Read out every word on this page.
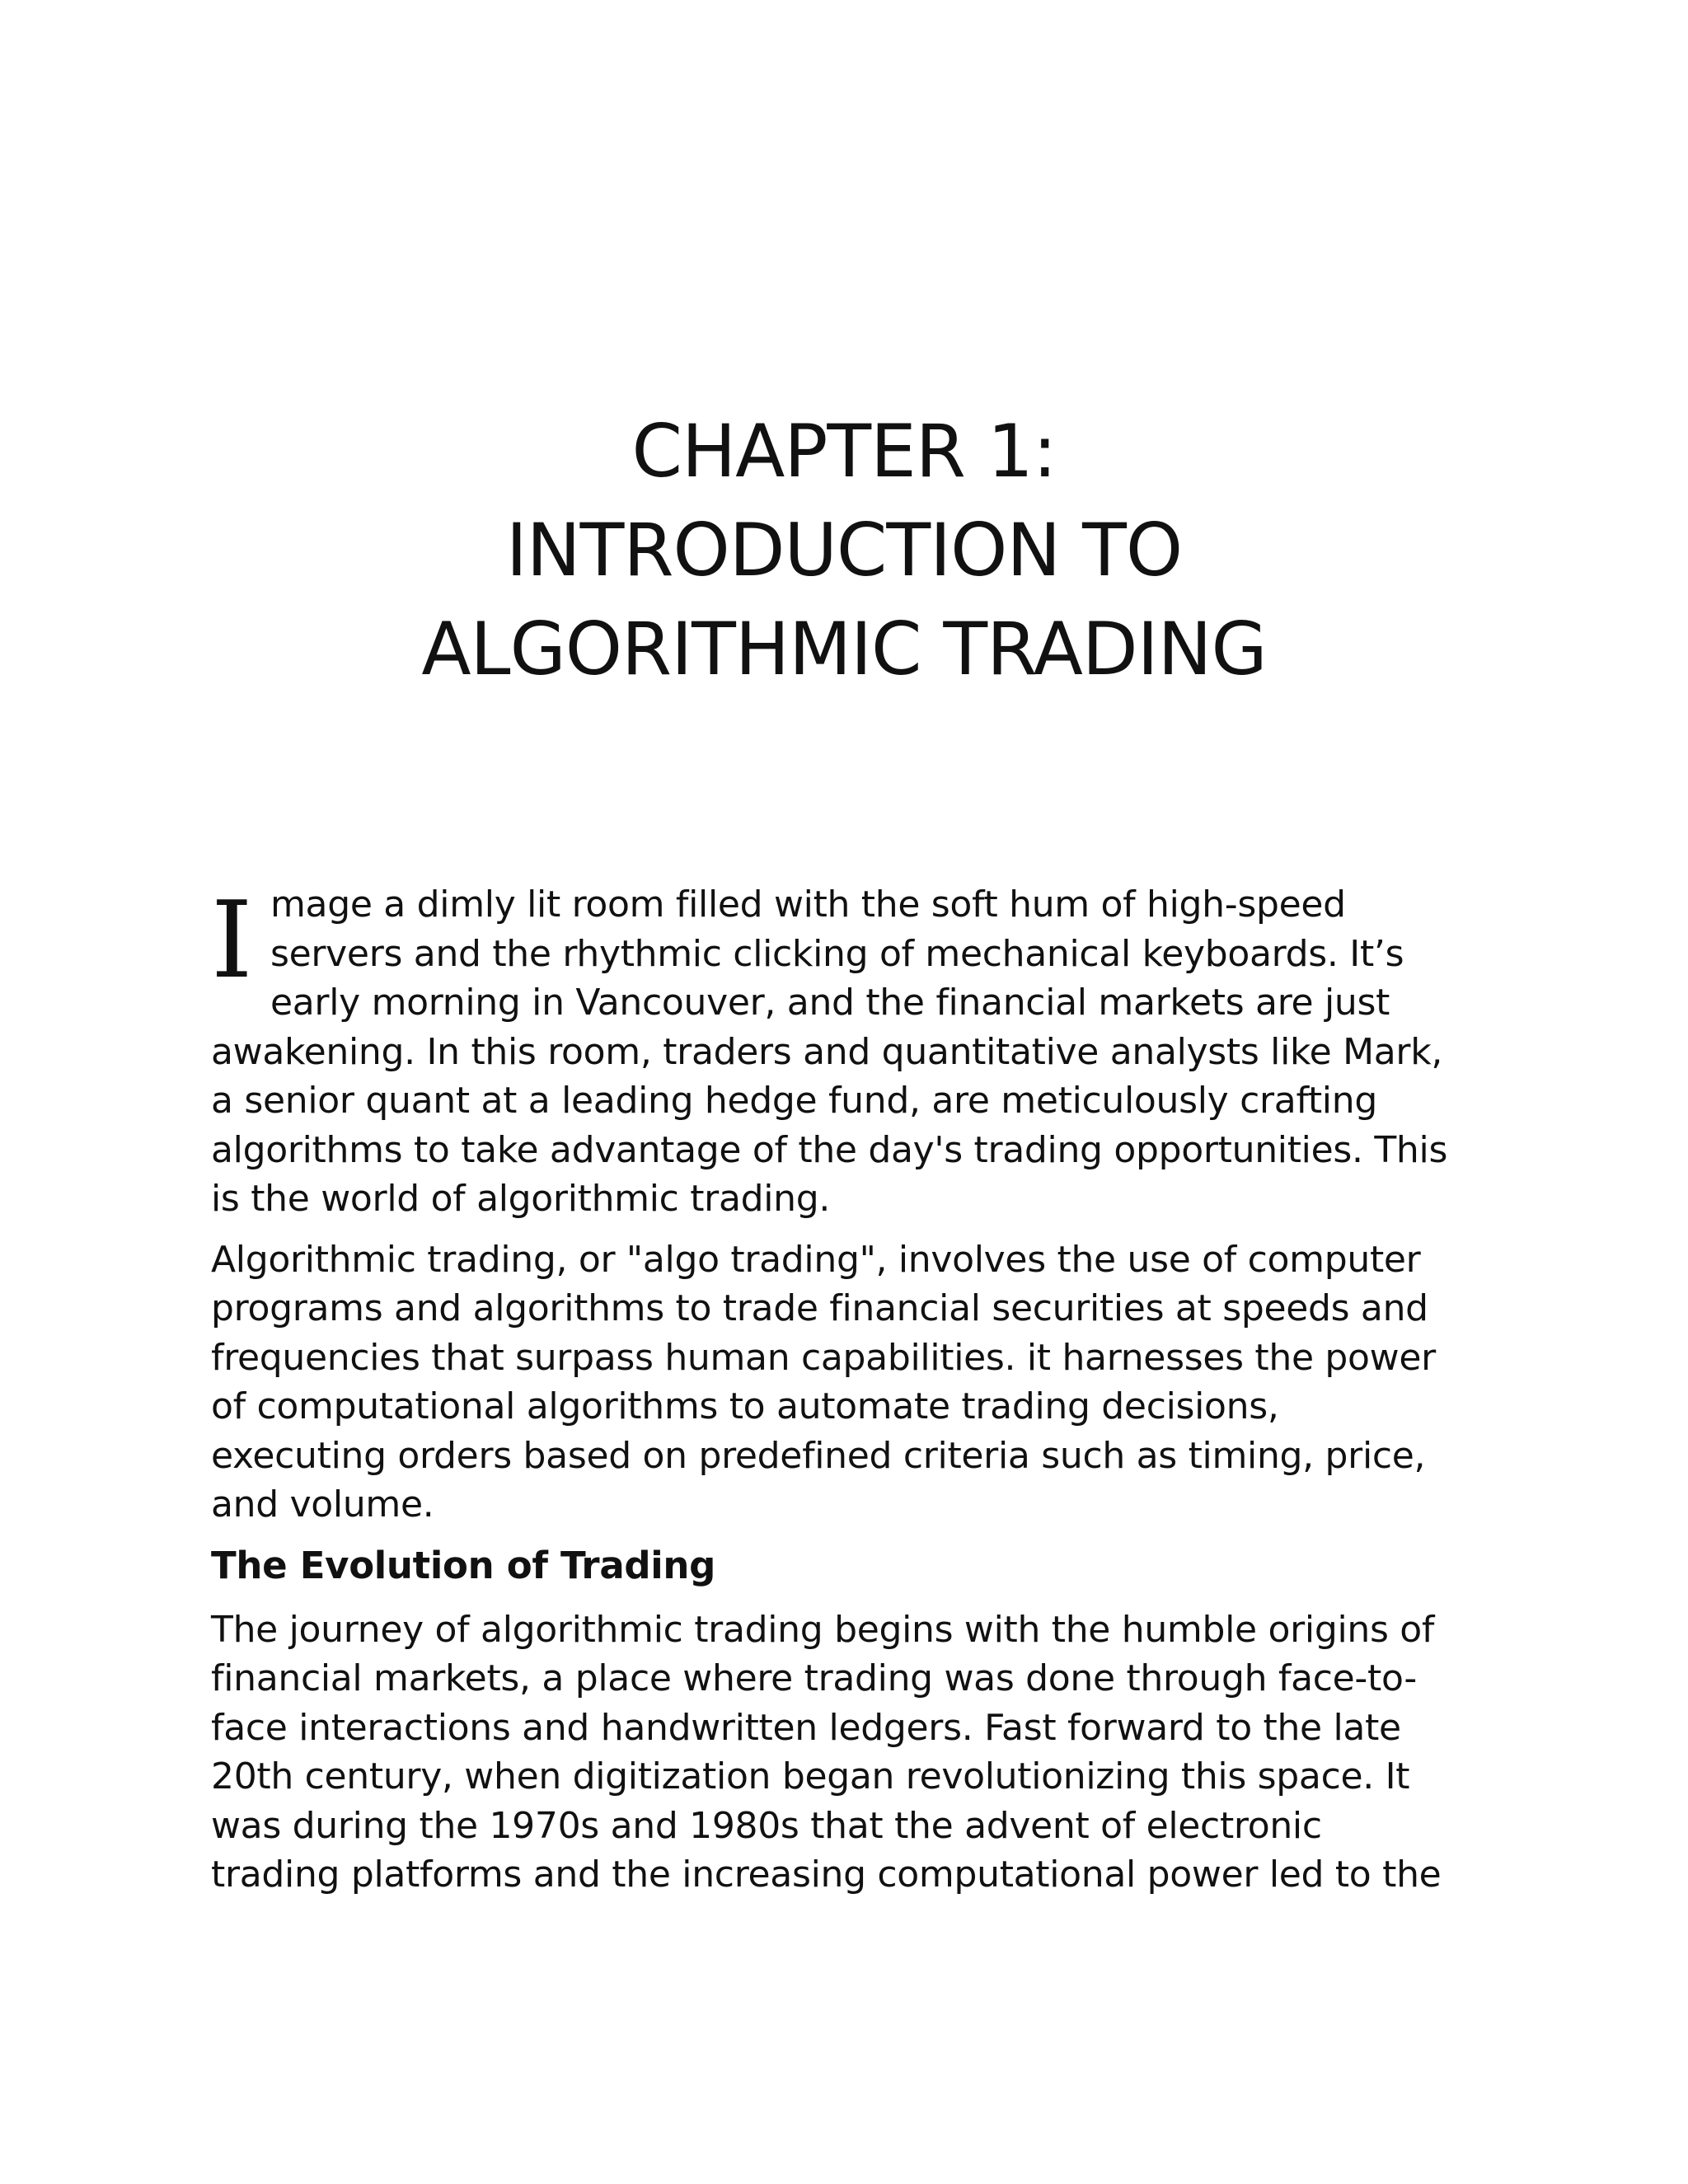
CHAPTER 1:
INTRODUCTION TO
ALGORITHMIC TRADING

I mage a dimly lit room filled with the soft hum of high-speed
servers and the rhythmic clicking of mechanical keyboards. It’s
early morning in Vancouver, and the financial markets are just
awakening. In this room, traders and quantitative analysts like Mark,
a senior quant at a leading hedge fund, are meticulously crafting
algorithms to take advantage of the day's trading opportunities. This
is the world of algorithmic trading.

Algorithmic trading, or "algo trading", involves the use of computer
programs and algorithms to trade financial securities at speeds and
frequencies that surpass human capabilities. it harnesses the power
of computational algorithms to automate trading decisions,
executing orders based on predefined criteria such as timing, price,
and volume.

The Evolution of Trading

The journey of algorithmic trading begins with the humble origins of
financial markets, a place where trading was done through face-to-
face interactions and handwritten ledgers. Fast forward to the late
20th century, when digitization began revolutionizing this space. It
was during the 1970s and 1980s that the advent of electronic
trading platforms and the increasing computational power led to the
